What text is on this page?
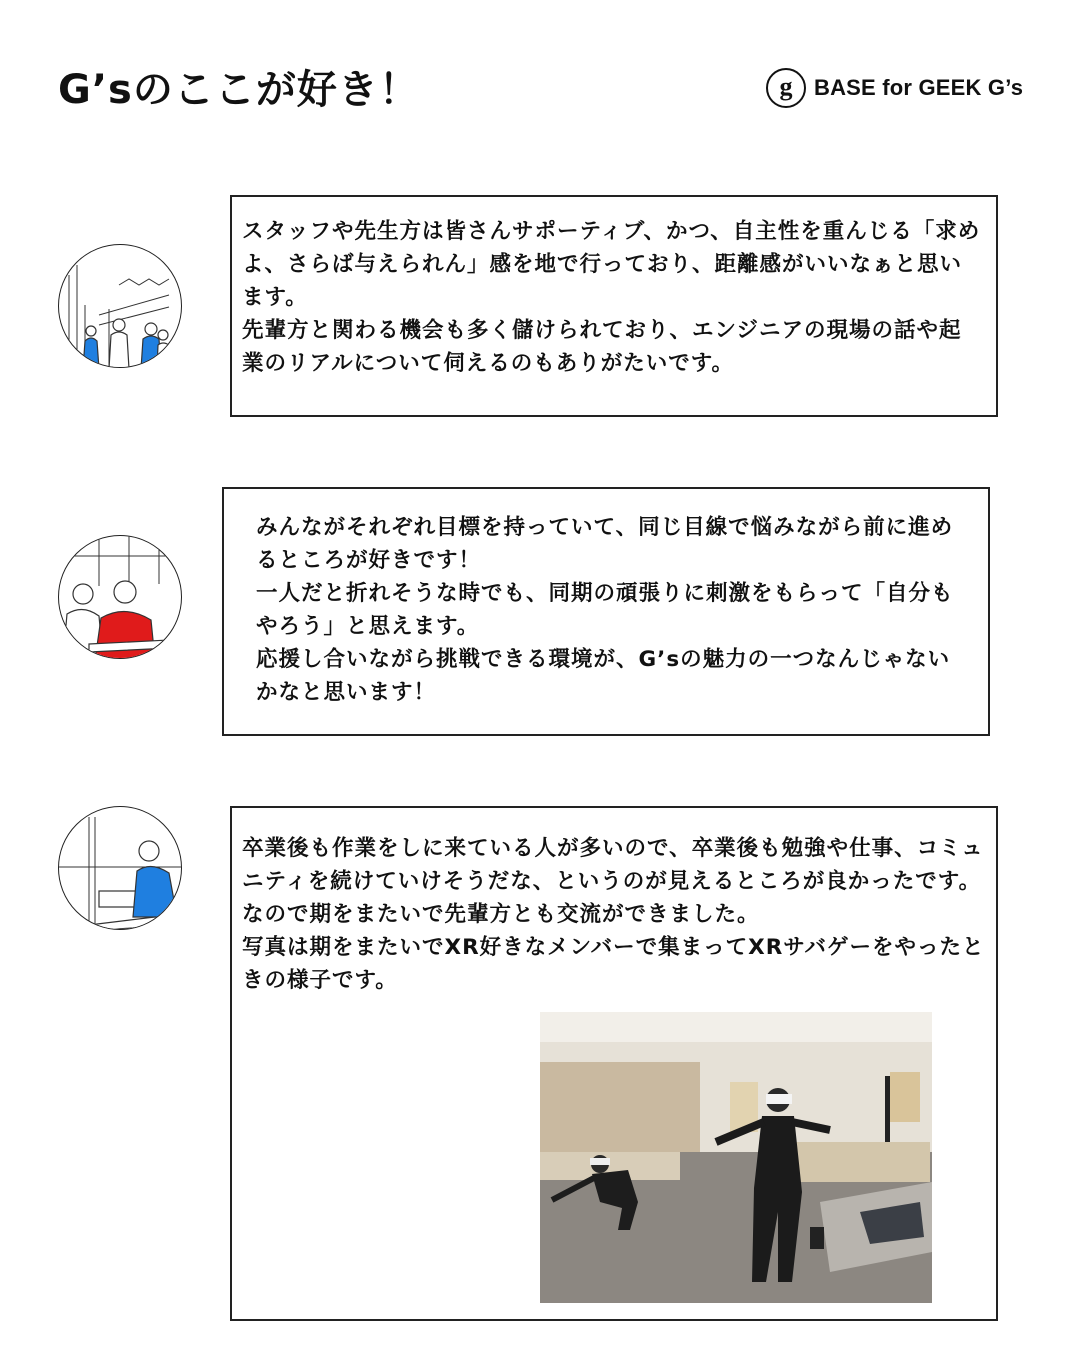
G’sのここが好き！	g BASE for GEEK G’s

スタッフや先生方は皆さんサポーティブ、かつ、自主性を重んじる「求めよ、さらば与えられん」感を地で行っており、距離感がいいなぁと思います。
先輩方と関わる機会も多く儲けられており、エンジニアの現場の話や起業のリアルについて伺えるのもありがたいです。

みんながそれぞれ目標を持っていて、同じ目線で悩みながら前に進めるところが好きです！
一人だと折れそうな時でも、同期の頑張りに刺激をもらって「自分もやろう」と思えます。
応援し合いながら挑戦できる環境が、G’sの魅力の一つなんじゃないかなと思います！

卒業後も作業をしに来ている人が多いので、卒業後も勉強や仕事、コミュニティを続けていけそうだな、というのが見えるところが良かったです。
なので期をまたいで先輩方とも交流ができました。
写真は期をまたいでXR好きなメンバーで集まってXRサバゲーをやったときの様子です。
